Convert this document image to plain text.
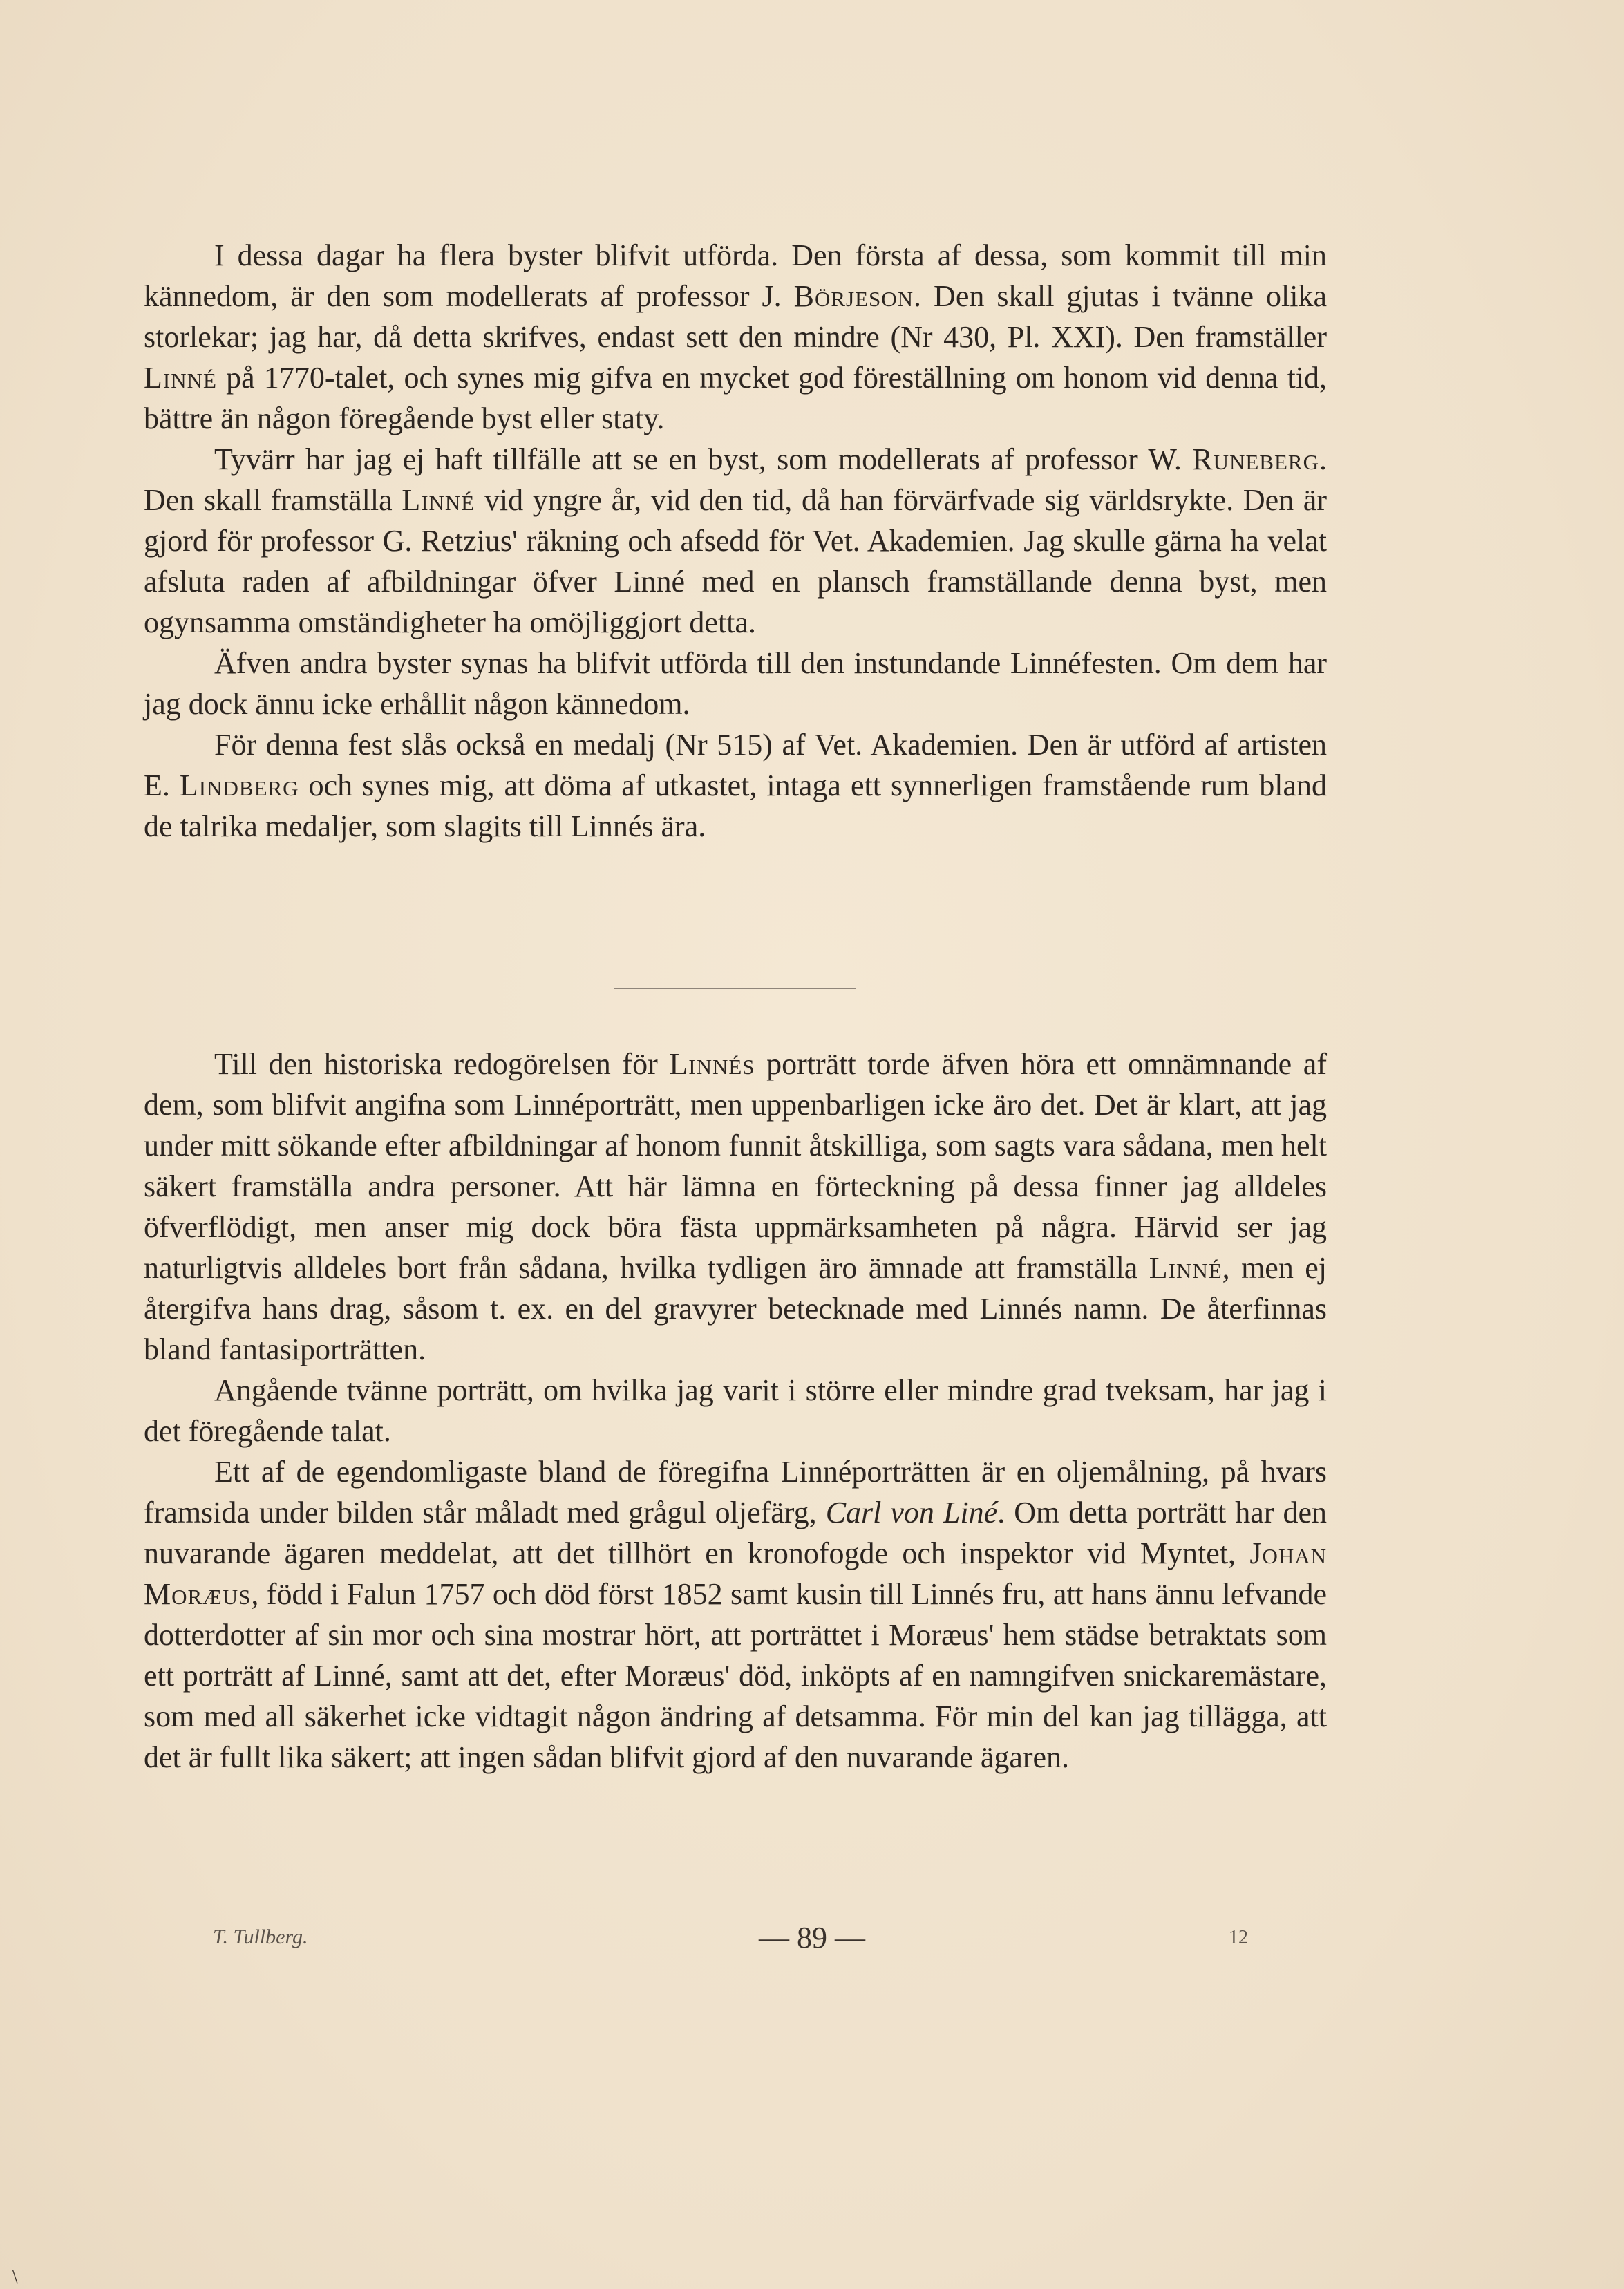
I dessa dagar ha flera byster blifvit utförda. Den första af dessa, som kommit till min kännedom, är den som modellerats af professor J. Börjeson. Den skall gjutas i tvänne olika storlekar; jag har, då detta skrifves, endast sett den mindre (Nr 430, Pl. XXI). Den framställer Linné på 1770-talet, och synes mig gifva en mycket god föreställning om honom vid denna tid, bättre än någon föregående byst eller staty.

Tyvärr har jag ej haft tillfälle att se en byst, som modellerats af professor W. Runeberg. Den skall framställa Linné vid yngre år, vid den tid, då han förvärfvade sig världsrykte. Den är gjord för professor G. Retzius' räkning och afsedd för Vet. Akademien. Jag skulle gärna ha velat afsluta raden af afbildningar öfver Linné med en plansch framställande denna byst, men ogynsamma omständigheter ha omöjliggjort detta.

Äfven andra byster synas ha blifvit utförda till den instundande Linnéfesten. Om dem har jag dock ännu icke erhållit någon kännedom.

För denna fest slås också en medalj (Nr 515) af Vet. Akademien. Den är utförd af artisten E. Lindberg och synes mig, att döma af utkastet, intaga ett synnerligen framstående rum bland de talrika medaljer, som slagits till Linnés ära.

Till den historiska redogörelsen för Linnés porträtt torde äfven höra ett omnämnande af dem, som blifvit angifna som Linnéporträtt, men uppenbarligen icke äro det. Det är klart, att jag under mitt sökande efter afbildningar af honom funnit åtskilliga, som sagts vara sådana, men helt säkert framställa andra personer. Att här lämna en förteckning på dessa finner jag alldeles öfverflödigt, men anser mig dock böra fästa uppmärksamheten på några. Härvid ser jag naturligtvis alldeles bort från sådana, hvilka tydligen äro ämnade att framställa Linné, men ej återgifva hans drag, såsom t. ex. en del gravyrer betecknade med Linnés namn. De återfinnas bland fantasiporträtten.

Angående tvänne porträtt, om hvilka jag varit i större eller mindre grad tveksam, har jag i det föregående talat.

Ett af de egendomligaste bland de föregifna Linnéporträtten är en oljemålning, på hvars framsida under bilden står måladt med grågul oljefärg, Carl von Liné. Om detta porträtt har den nuvarande ägaren meddelat, att det tillhört en kronofogde och inspektor vid Myntet, Johan Moræus, född i Falun 1757 och död först 1852 samt kusin till Linnés fru, att hans ännu lefvande dotterdotter af sin mor och sina mostrar hört, att porträttet i Moræus' hem städse betraktats som ett porträtt af Linné, samt att det, efter Moræus' död, inköpts af en namngifven snickaremästare, som med all säkerhet icke vidtagit någon ändring af detsamma. För min del kan jag tillägga, att det är fullt lika säkert; att ingen sådan blifvit gjord af den nuvarande ägaren.

T. Tullberg.	— 89 —	12
\
